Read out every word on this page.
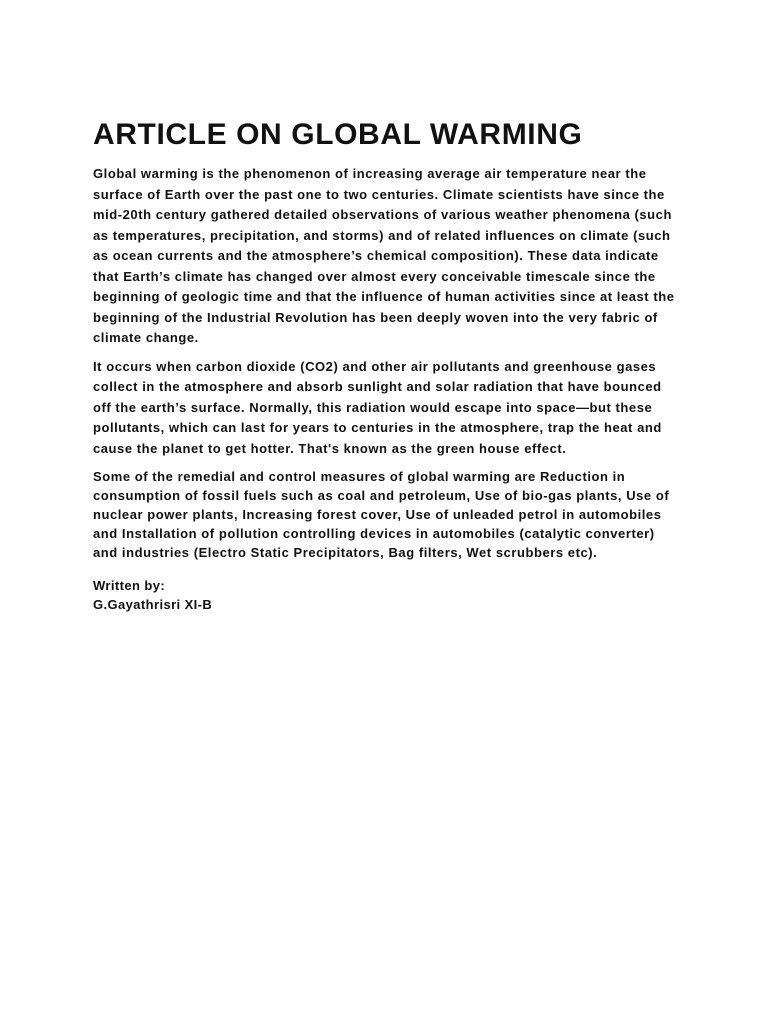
ARTICLE ON GLOBAL WARMING

Global warming is the phenomenon of increasing average air temperature near the surface of Earth over the past one to two centuries. Climate scientists have since the mid-20th century gathered detailed observations of various weather phenomena (such as temperatures, precipitation, and storms) and of related influences on climate (such as ocean currents and the atmosphere’s chemical composition). These data indicate that Earth’s climate has changed over almost every conceivable timescale since the beginning of geologic time and that the influence of human activities since at least the beginning of the Industrial Revolution has been deeply woven into the very fabric of climate change.

It occurs when carbon dioxide (CO2) and other air pollutants and greenhouse gases collect in the atmosphere and absorb sunlight and solar radiation that have bounced off the earth’s surface. Normally, this radiation would escape into space—but these pollutants, which can last for years to centuries in the atmosphere, trap the heat and cause the planet to get hotter. That's known as the green house effect.

Some of the remedial and control measures of global warming are Reduction in consumption of fossil fuels such as coal and petroleum, Use of bio-gas plants, Use of nuclear power plants, Increasing forest cover, Use of unleaded petrol in automobiles and Installation of pollution controlling devices in automobiles (catalytic converter) and industries (Electro Static Precipitators, Bag filters, Wet scrubbers etc).

Written by:
G.Gayathrisri XI-B
